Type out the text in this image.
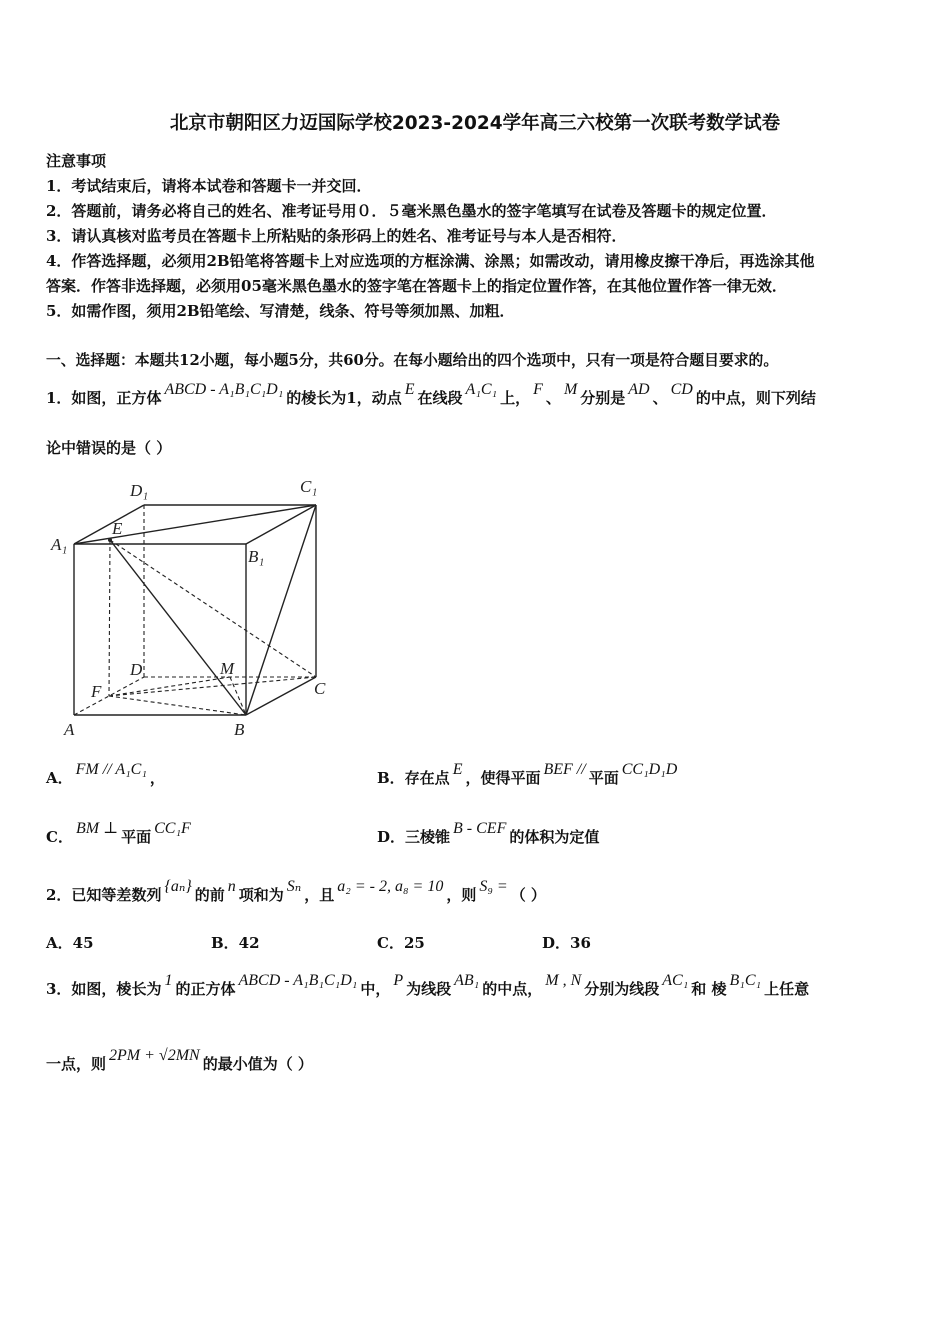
北京市朝阳区力迈国际学校2023-2024学年高三六校第一次联考数学试卷
注意事项
1．考试结束后，请将本试卷和答题卡一并交回．
2．答题前，请务必将自己的姓名、准考证号用０．５毫米黑色墨水的签字笔填写在试卷及答题卡的规定位置．
3．请认真核对监考员在答题卡上所粘贴的条形码上的姓名、准考证号与本人是否相符．
4．作答选择题，必须用2B铅笔将答题卡上对应选项的方框涂满、涂黑；如需改动，请用橡皮擦干净后，再选涂其他
答案．作答非选择题，必须用05毫米黑色墨水的签字笔在答题卡上的指定位置作答，在其他位置作答一律无效．
5．如需作图，须用2B铅笔绘、写清楚，线条、符号等须加黑、加粗．
一、选择题：本题共12小题，每小题5分，共60分。在每小题给出的四个选项中，只有一项是符合题目要求的。
1．如图，正方体 ABCD - A₁B₁C₁D₁ 的棱长为1，动点 E 在线段 A₁C₁ 上， F 、 M 分别是 AD 、 CD 的中点，则下列结
论中错误的是（ ）
D₁	C₁
A₁
B₁
E
D	M
C
F
A	B
A． FM // A₁C₁ ，	B．存在点 E ，使得平面 BEF // 平面 CC₁D₁D
C． BM ⊥ 平面 CC₁F	D．三棱锥 B - CEF 的体积为定值
2．已知等差数列 {aₙ} 的前 n 项和为 Sₙ ，且 a₂ = - 2, a₈ = 10 ，则 S₉ = （ ）
A．45	B．42	C．25	D．36
3．如图，棱长为 1 的正方体 ABCD - A₁B₁C₁D₁ 中， P 为线段 AB₁ 的中点， M , N 分别为线段 AC₁ 和 棱 B₁C₁ 上任意
一点，则 2PM + √2MN 的最小值为（ ）
